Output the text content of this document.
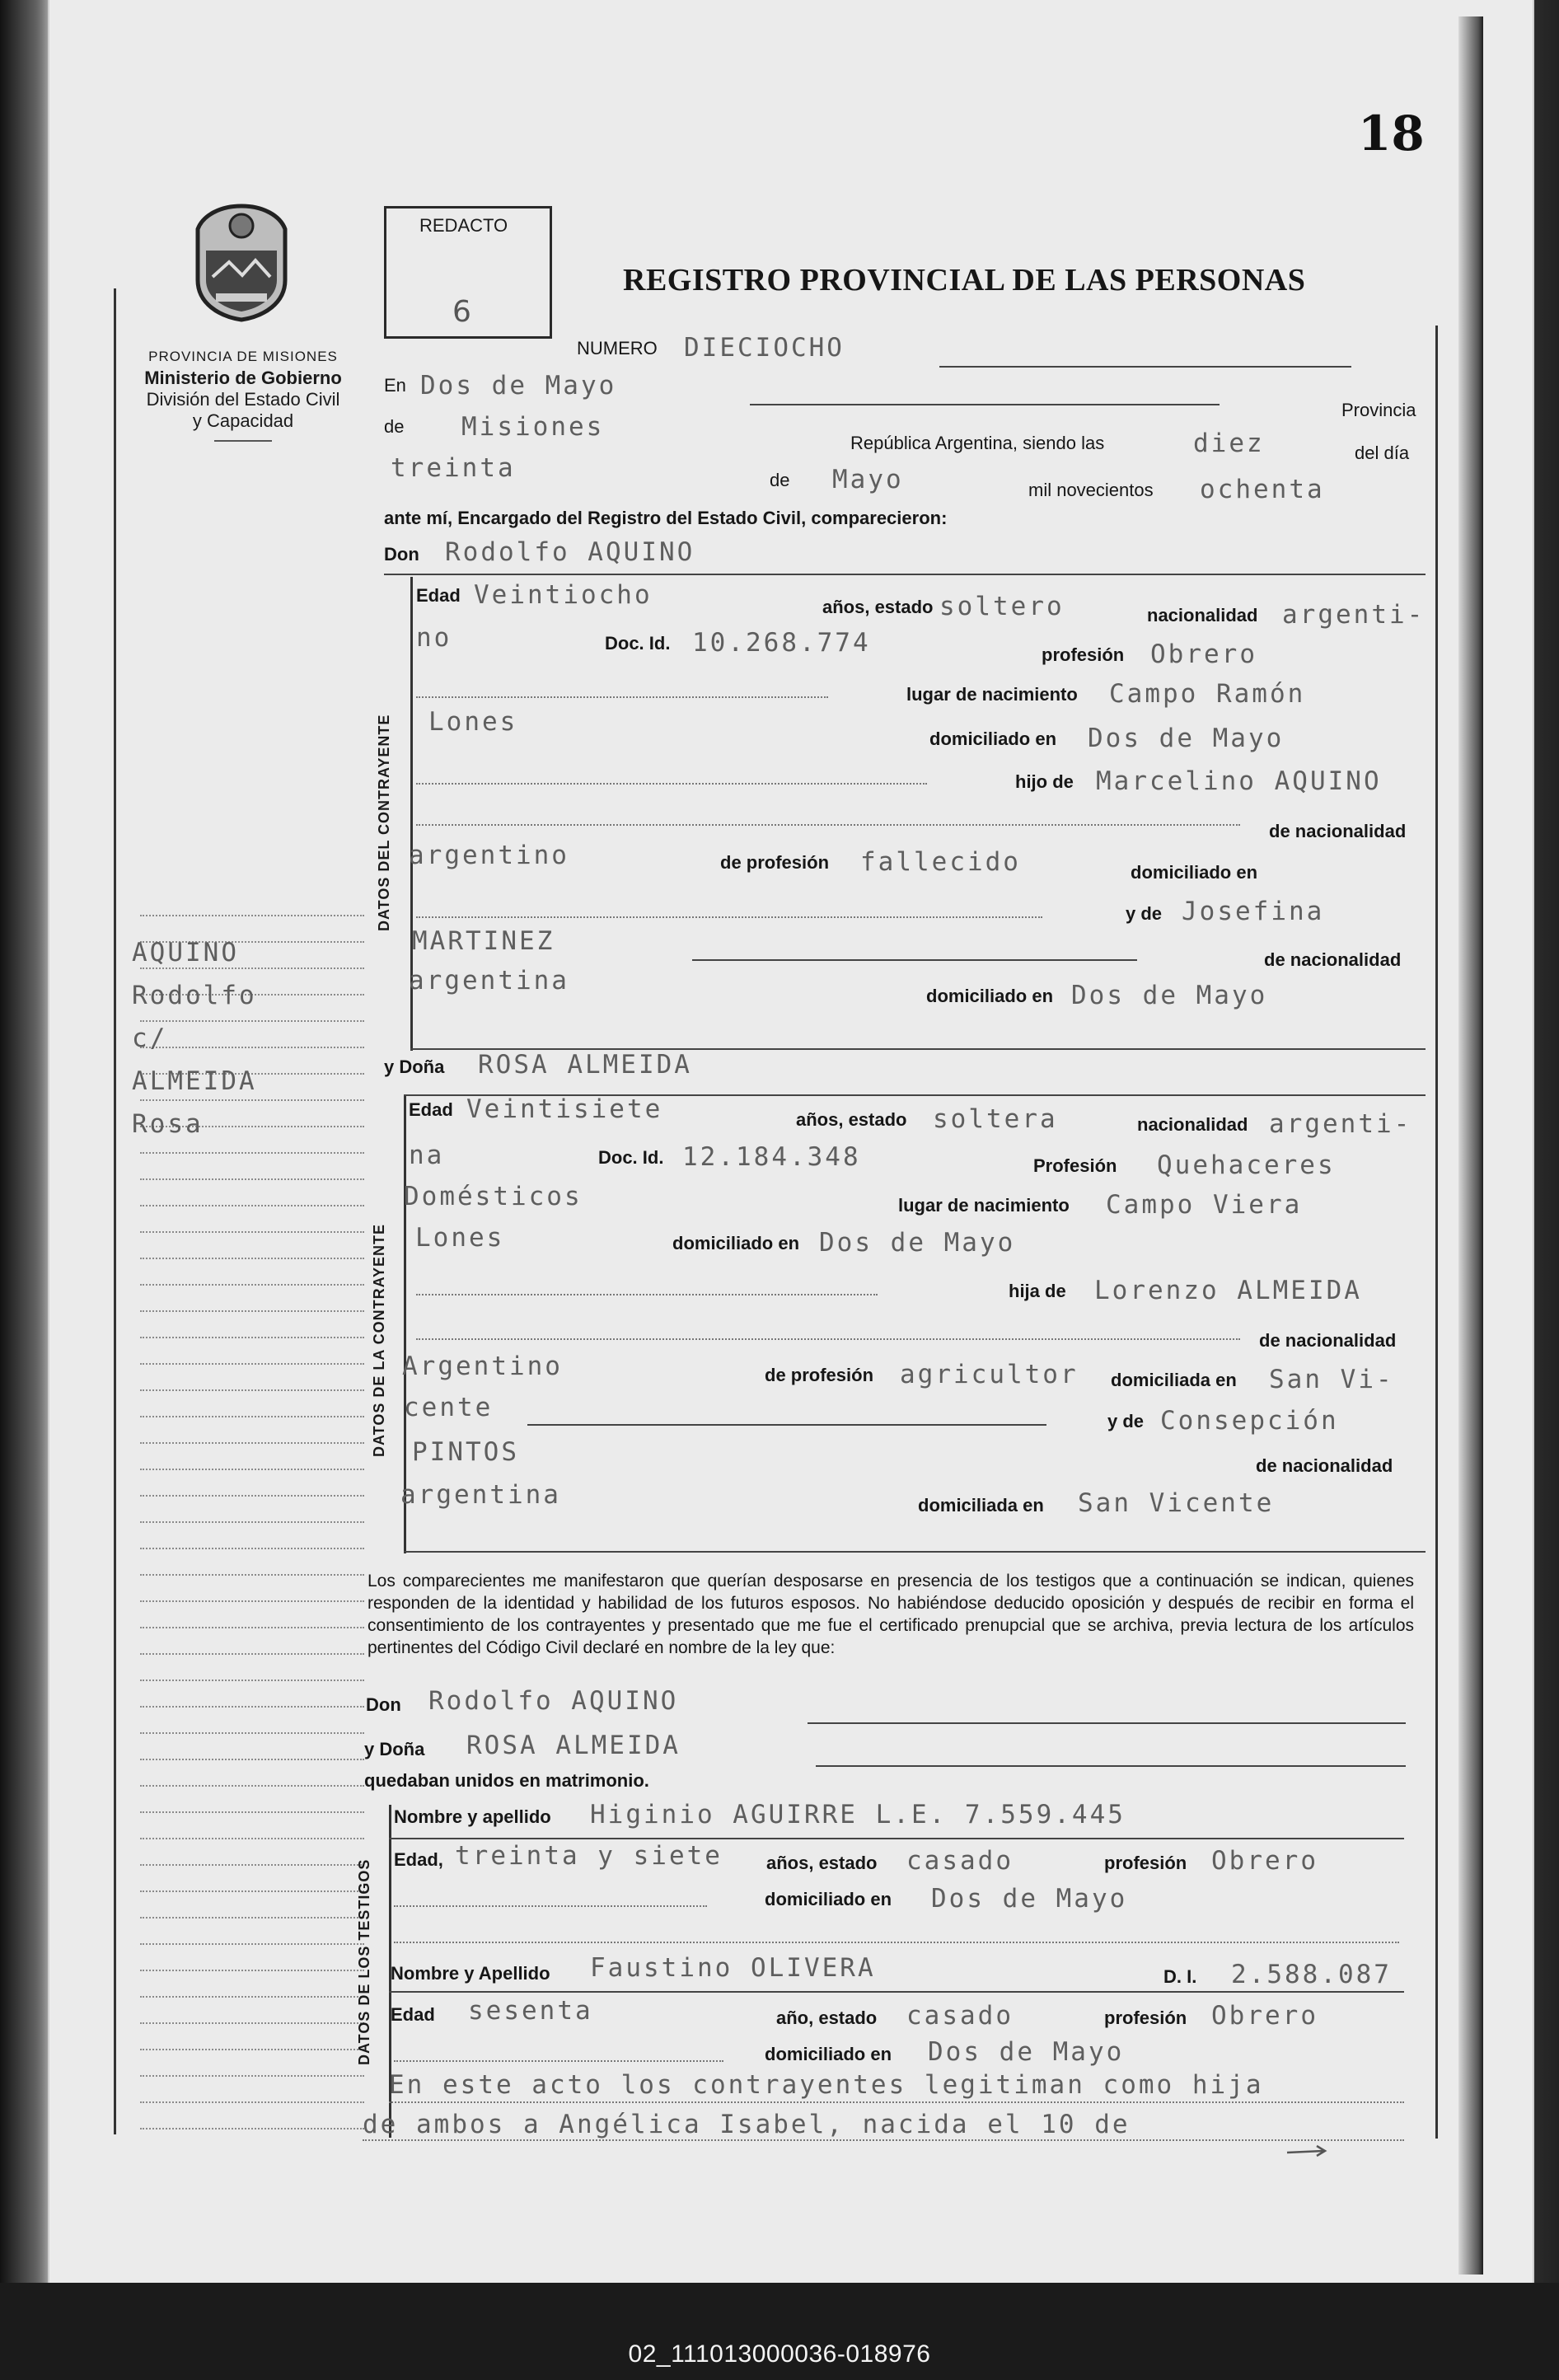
18
PROVINCIA DE MISIONES
Ministerio de Gobierno
División del Estado Civil
y Capacidad
AQUINO
Rodolfo
c/
ALMEIDA
Rosa
REDACTO
6
REGISTRO PROVINCIAL DE LAS PERSONAS
NUMERO DIECIOCHO
En Dos de Mayo
Provincia
de Misiones
República Argentina, siendo las	diez	del día
treinta	de Mayo	mil novecientos ochenta
ante mí, Encargado del Registro del Estado Civil, comparecieron:
Don Rodolfo AQUINO
DATOS DEL CONTRAYENTE
Edad Veintiocho	años, estado soltero	nacionalidad argenti-
no	Doc. Id. 10.268.774	profesión Obrero
lugar de nacimiento Campo Ramón
Lones
domiciliado en Dos de Mayo
hijo de Marcelino AQUINO
de nacionalidad
argentino	de profesión fallecido	domiciliado en
y de Josefina
MARTINEZ
de nacionalidad
argentina
domiciliado en Dos de Mayo
y Doña ROSA ALMEIDA
DATOS DE LA CONTRAYENTE
Edad Veintisiete	años, estado soltera	nacionalidad argenti-
na	Doc. Id. 12.184.348	Profesión Quehaceres
Domésticos	lugar de nacimiento Campo Viera
Lones	domiciliado en Dos de Mayo
hija de Lorenzo ALMEIDA
de nacionalidad
Argentino	de profesión agricultor domiciliada en San Vi-
cente	y de Consepción
PINTOS	de nacionalidad
argentina	domiciliada en San Vicente
Los comparecientes me manifestaron que querían desposarse en presencia de los testigos que a continuación se indican, quienes responden de la identidad y habilidad de los futuros esposos. No habiéndose deducido oposición y después de recibir en forma el consentimiento de los contrayentes y presentado que me fue el certificado prenupcial que se archiva, previa lectura de los artículos pertinentes del Código Civil declaré en nombre de la ley que:
Don Rodolfo AQUINO
y Doña ROSA ALMEIDA
quedaban unidos en matrimonio.
DATOS DE LOS TESTIGOS
Nombre y apellido Higinio AGUIRRE L.E. 7.559.445
Edad, treinta y siete años, estado casado	profesión Obrero
domiciliado en Dos de Mayo
Nombre y Apellido Faustino OLIVERA	D. I. 2.588.087
Edad sesenta	año, estado casado	profesión Obrero
domiciliado en Dos de Mayo
En este acto los contrayentes legitiman como hija
de ambos a Angélica Isabel, nacida el 10 de
02_111013000036-018976
